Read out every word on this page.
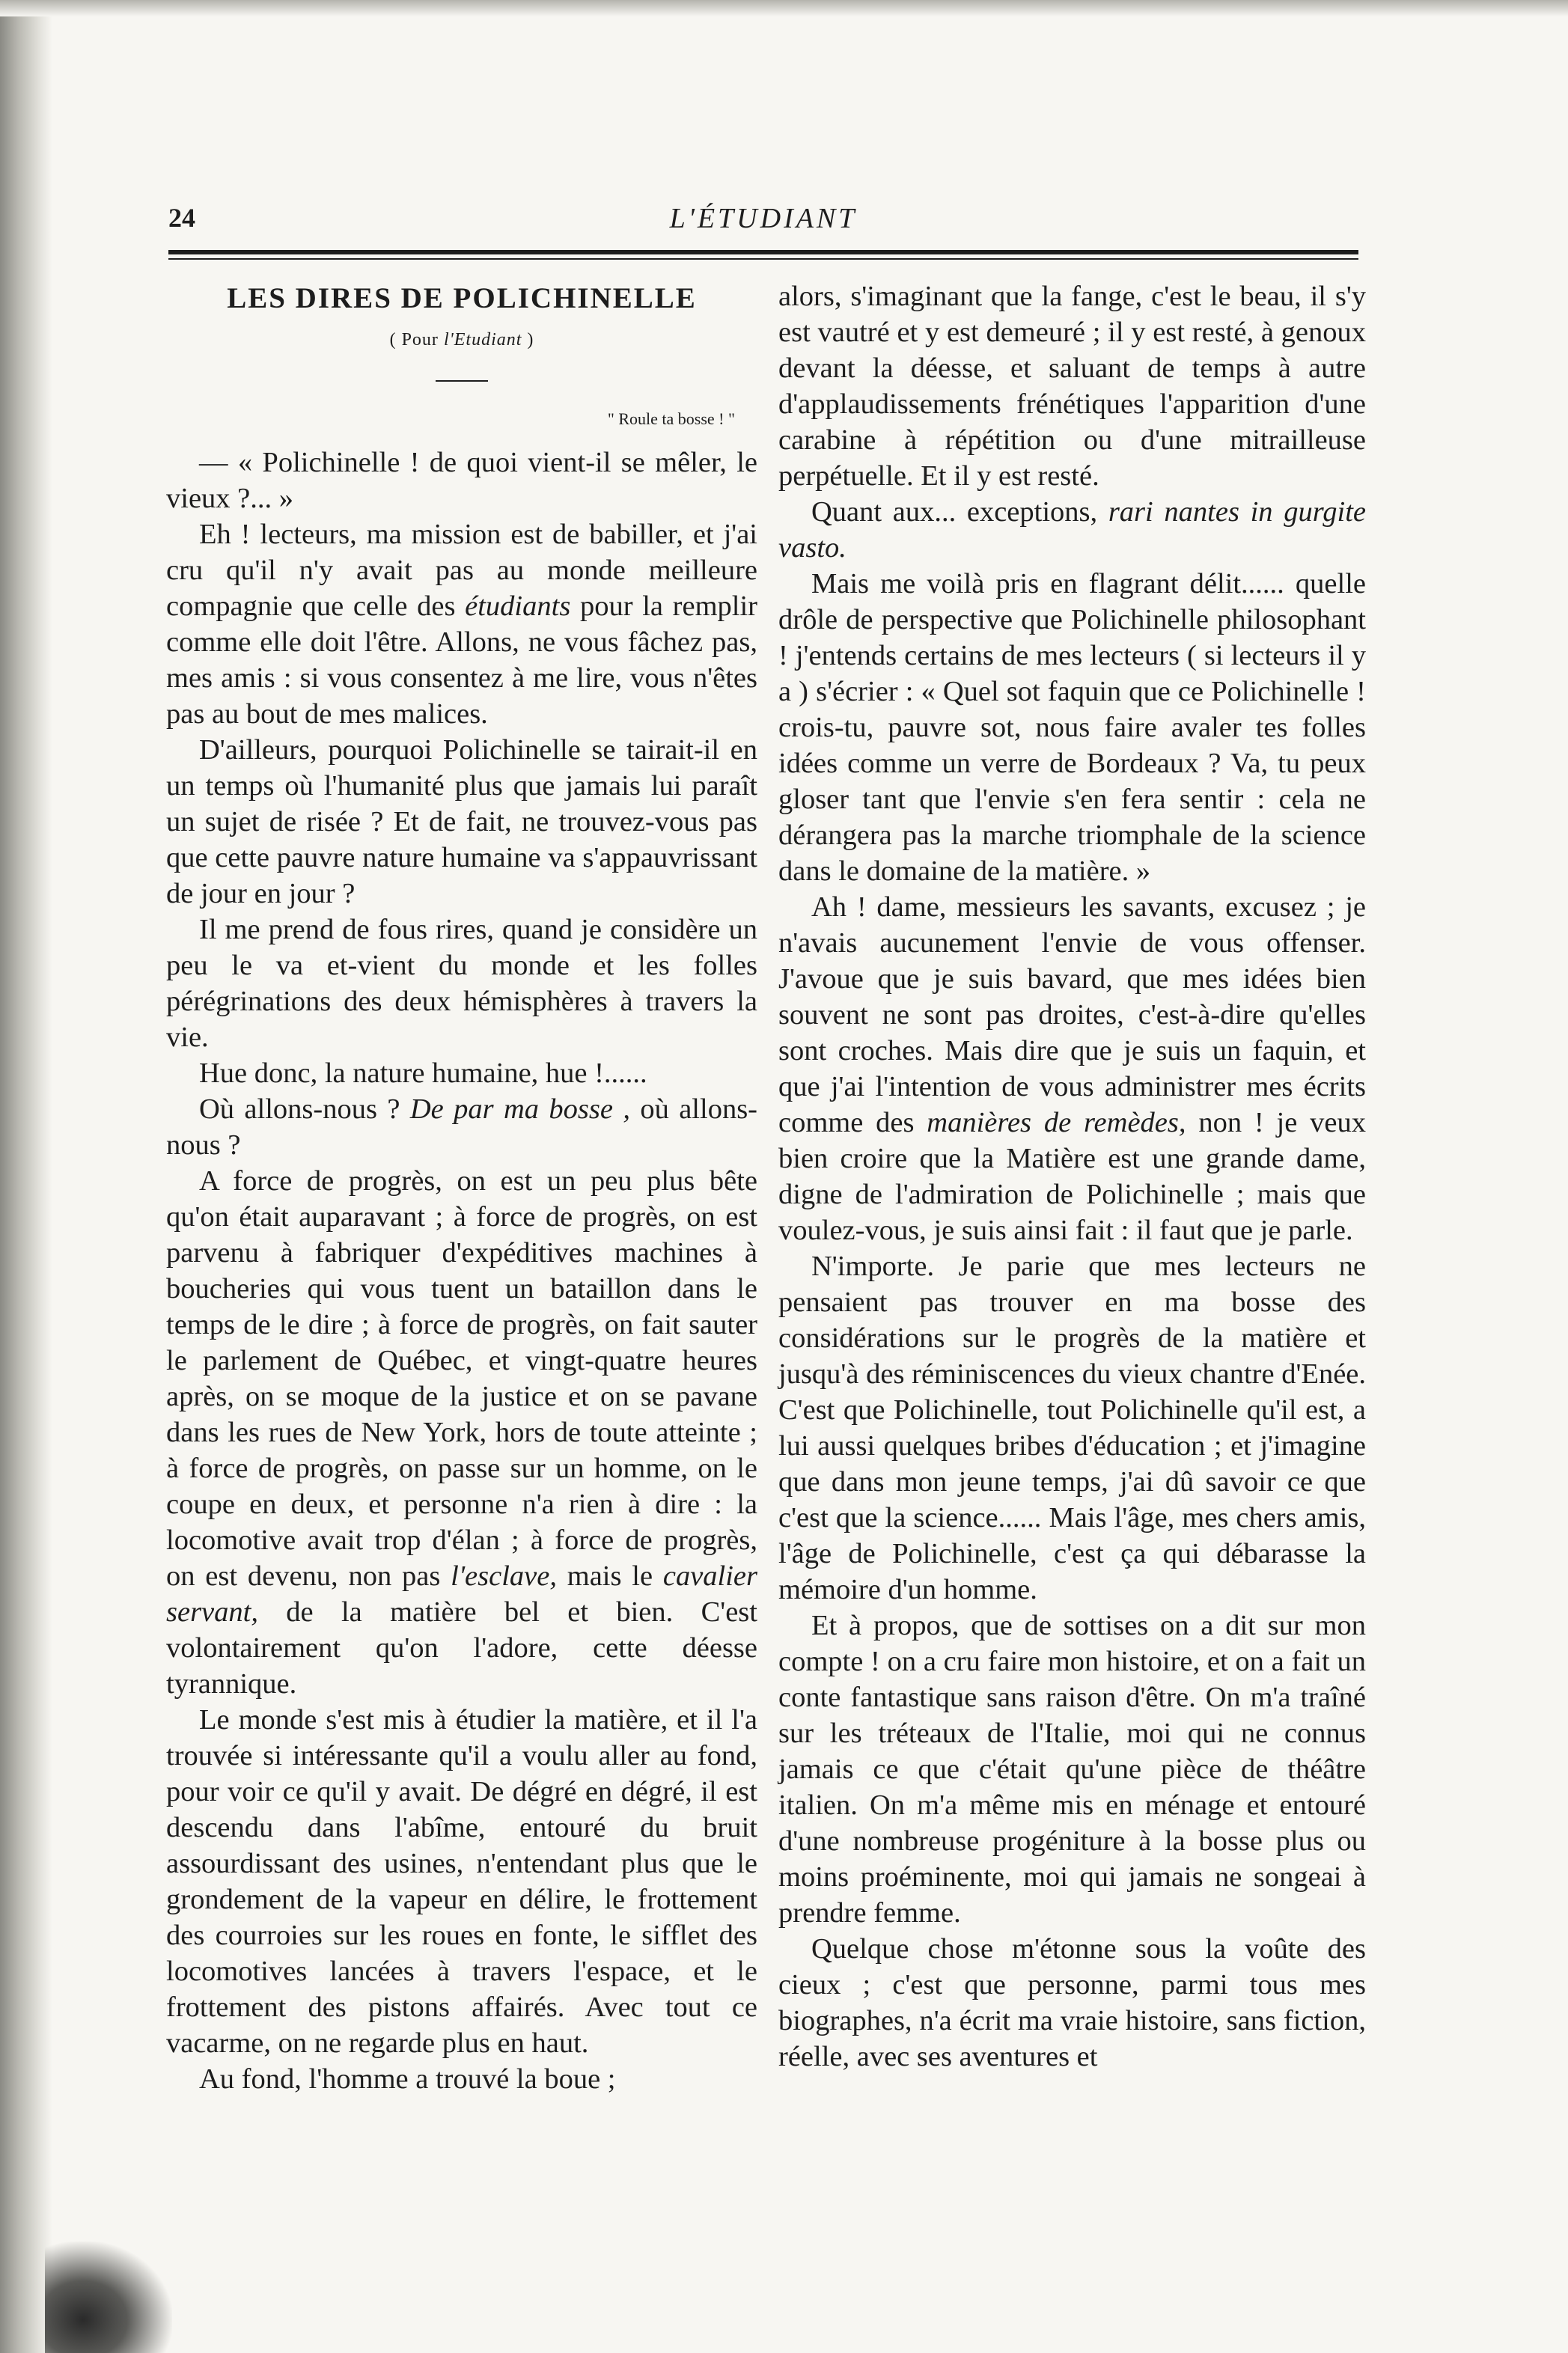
24	L'ÉTUDIANT
LES DIRES DE POLICHINELLE
( Pour l'Etudiant )
" Roule ta bosse ! "

— « Polichinelle ! de quoi vient-il se mêler, le vieux ?... »

Eh ! lecteurs, ma mission est de babiller, et j'ai cru qu'il n'y avait pas au monde meilleure compagnie que celle des étudiants pour la remplir comme elle doit l'être. Allons, ne vous fâchez pas, mes amis : si vous consentez à me lire, vous n'êtes pas au bout de mes malices.

D'ailleurs, pourquoi Polichinelle se tairait-il en un temps où l'humanité plus que jamais lui paraît un sujet de risée ? Et de fait, ne trouvez-vous pas que cette pauvre nature humaine va s'appauvrissant de jour en jour ?

Il me prend de fous rires, quand je considère un peu le va et-vient du monde et les folles pérégrinations des deux hémisphères à travers la vie.

Hue donc, la nature humaine, hue !......

Où allons-nous ? De par ma bosse , où allons-nous ?

A force de progrès, on est un peu plus bête qu'on était auparavant ; à force de progrès, on est parvenu à fabriquer d'expéditives machines à boucheries qui vous tuent un bataillon dans le temps de le dire ; à force de progrès, on fait sauter le parlement de Québec, et vingt-quatre heures après, on se moque de la justice et on se pavane dans les rues de New York, hors de toute atteinte ; à force de progrès, on passe sur un homme, on le coupe en deux, et personne n'a rien à dire : la locomotive avait trop d'élan ; à force de progrès, on est devenu, non pas l'esclave, mais le cavalier servant, de la matière bel et bien. C'est volontairement qu'on l'adore, cette déesse tyrannique.

Le monde s'est mis à étudier la matière, et il l'a trouvée si intéressante qu'il a voulu aller au fond, pour voir ce qu'il y avait. De dégré en dégré, il est descendu dans l'abîme, entouré du bruit assourdissant des usines, n'entendant plus que le grondement de la vapeur en délire, le frottement des courroies sur les roues en fonte, le sifflet des locomotives lancées à travers l'espace, et le frottement des pistons affairés. Avec tout ce vacarme, on ne regarde plus en haut.

Au fond, l'homme a trouvé la boue ;

alors, s'imaginant que la fange, c'est le beau, il s'y est vautré et y est demeuré ; il y est resté, à genoux devant la déesse, et saluant de temps à autre d'applaudissements frénétiques l'apparition d'une carabine à répétition ou d'une mitrailleuse perpétuelle. Et il y est resté.

Quant aux... exceptions, rari nantes in gurgite vasto.

Mais me voilà pris en flagrant délit...... quelle drôle de perspective que Polichinelle philosophant ! j'entends certains de mes lecteurs ( si lecteurs il y a ) s'écrier : « Quel sot faquin que ce Polichinelle ! crois-tu, pauvre sot, nous faire avaler tes folles idées comme un verre de Bordeaux ? Va, tu peux gloser tant que l'envie s'en fera sentir : cela ne dérangera pas la marche triomphale de la science dans le domaine de la matière. »

Ah ! dame, messieurs les savants, excusez ; je n'avais aucunement l'envie de vous offenser. J'avoue que je suis bavard, que mes idées bien souvent ne sont pas droites, c'est-à-dire qu'elles sont croches. Mais dire que je suis un faquin, et que j'ai l'intention de vous administrer mes écrits comme des manières de remèdes, non ! je veux bien croire que la Matière est une grande dame, digne de l'admiration de Polichinelle ; mais que voulez-vous, je suis ainsi fait : il faut que je parle.

N'importe. Je parie que mes lecteurs ne pensaient pas trouver en ma bosse des considérations sur le progrès de la matière et jusqu'à des réminiscences du vieux chantre d'Enée. C'est que Polichinelle, tout Polichinelle qu'il est, a lui aussi quelques bribes d'éducation ; et j'imagine que dans mon jeune temps, j'ai dû savoir ce que c'est que la science...... Mais l'âge, mes chers amis, l'âge de Polichinelle, c'est ça qui débarasse la mémoire d'un homme.

Et à propos, que de sottises on a dit sur mon compte ! on a cru faire mon histoire, et on a fait un conte fantastique sans raison d'être. On m'a traîné sur les tréteaux de l'Italie, moi qui ne connus jamais ce que c'était qu'une pièce de théâtre italien. On m'a même mis en ménage et entouré d'une nombreuse progéniture à la bosse plus ou moins proéminente, moi qui jamais ne songeai à prendre femme.

Quelque chose m'étonne sous la voûte des cieux ; c'est que personne, parmi tous mes biographes, n'a écrit ma vraie histoire, sans fiction, réelle, avec ses aventures et
